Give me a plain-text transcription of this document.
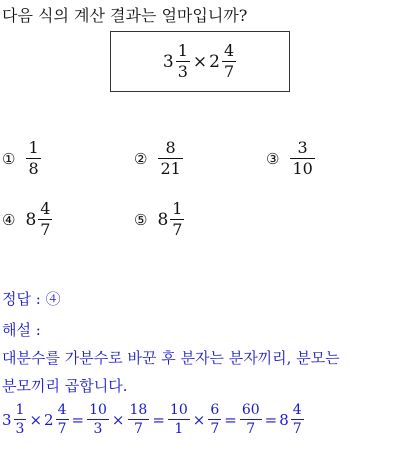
다음 식의 계산 결과는 얼마입니까?
$3 \frac{1}{3} \times 2 \frac{4}{7}$
① $\frac{1}{8}$	② $\frac{8}{21}$	③ $\frac{3}{10}$
④ $8 \frac{4}{7}$	⑤ $8 \frac{1}{7}$
정답 : ④
해설 :
대분수를 가분수로 바꾼 후 분자는 분자끼리, 분모는
분모끼리 곱합니다.
$3 \frac{1}{3} \times 2 \frac{4}{7} = \frac{10}{3} \times \frac{18}{7} = \frac{10}{1} \times \frac{6}{7} = \frac{60}{7} = 8 \frac{4}{7}$
